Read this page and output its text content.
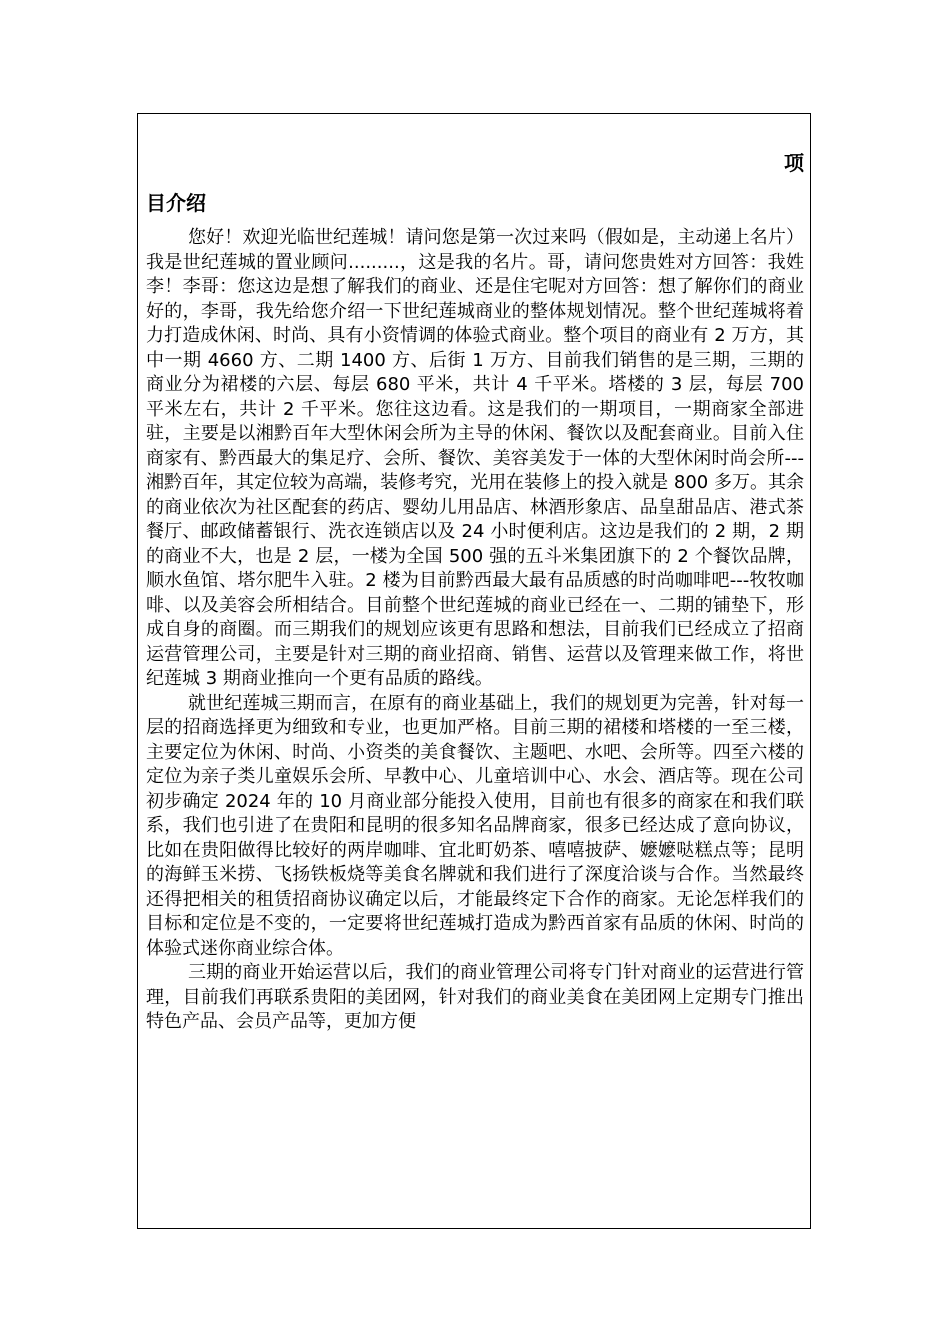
项
目介绍

您好！欢迎光临世纪莲城！请问您是第一次过来吗（假如是，主动递上名片）我是世纪莲城的置业顾问.........，这是我的名片。哥，请问您贵姓对方回答：我姓李！李哥：您这边是想了解我们的商业、还是住宅呢对方回答：想了解你们的商业好的，李哥，我先给您介绍一下世纪莲城商业的整体规划情况。整个世纪莲城将着力打造成休闲、时尚、具有小资情调的体验式商业。整个项目的商业有 2 万方，其中一期 4660 方、二期 1400 方、后街 1 万方、目前我们销售的是三期，三期的商业分为裙楼的六层、每层 680 平米，共计 4 千平米。塔楼的 3 层，每层 700 平米左右，共计 2 千平米。您往这边看。这是我们的一期项目，一期商家全部进驻，主要是以湘黔百年大型休闲会所为主导的休闲、餐饮以及配套商业。目前入住商家有、黔西最大的集足疗、会所、餐饮、美容美发于一体的大型休闲时尚会所---湘黔百年，其定位较为高端，装修考究，光用在装修上的投入就是 800 多万。其余的商业依次为社区配套的药店、婴幼儿用品店、林酒形象店、品皇甜品店、港式茶餐厅、邮政储蓄银行、洗衣连锁店以及 24 小时便利店。这边是我们的 2 期，2 期的商业不大，也是 2 层，一楼为全国 500 强的五斗米集团旗下的 2 个餐饮品牌，顺水鱼馆、塔尔肥牛入驻。2 楼为目前黔西最大最有品质感的时尚咖啡吧---牧牧咖啡、以及美容会所相结合。目前整个世纪莲城的商业已经在一、二期的铺垫下，形成自身的商圈。而三期我们的规划应该更有思路和想法，目前我们已经成立了招商运营管理公司，主要是针对三期的商业招商、销售、运营以及管理来做工作，将世纪莲城 3 期商业推向一个更有品质的路线。

就世纪莲城三期而言，在原有的商业基础上，我们的规划更为完善，针对每一层的招商选择更为细致和专业，也更加严格。目前三期的裙楼和塔楼的一至三楼，主要定位为休闲、时尚、小资类的美食餐饮、主题吧、水吧、会所等。四至六楼的定位为亲子类儿童娱乐会所、早教中心、儿童培训中心、水会、酒店等。现在公司初步确定 2024 年的 10 月商业部分能投入使用，目前也有很多的商家在和我们联系，我们也引进了在贵阳和昆明的很多知名品牌商家，很多已经达成了意向协议，比如在贵阳做得比较好的两岸咖啡、宜北町奶茶、嘻嘻披萨、嬷嬷哒糕点等；昆明的海鲜玉米捞、飞扬铁板烧等美食名牌就和我们进行了深度洽谈与合作。当然最终还得把相关的租赁招商协议确定以后，才能最终定下合作的商家。无论怎样我们的目标和定位是不变的，一定要将世纪莲城打造成为黔西首家有品质的休闲、时尚的体验式迷你商业综合体。

三期的商业开始运营以后，我们的商业管理公司将专门针对商业的运营进行管理，目前我们再联系贵阳的美团网，针对我们的商业美食在美团网上定期专门推出特色产品、会员产品等，更加方便
